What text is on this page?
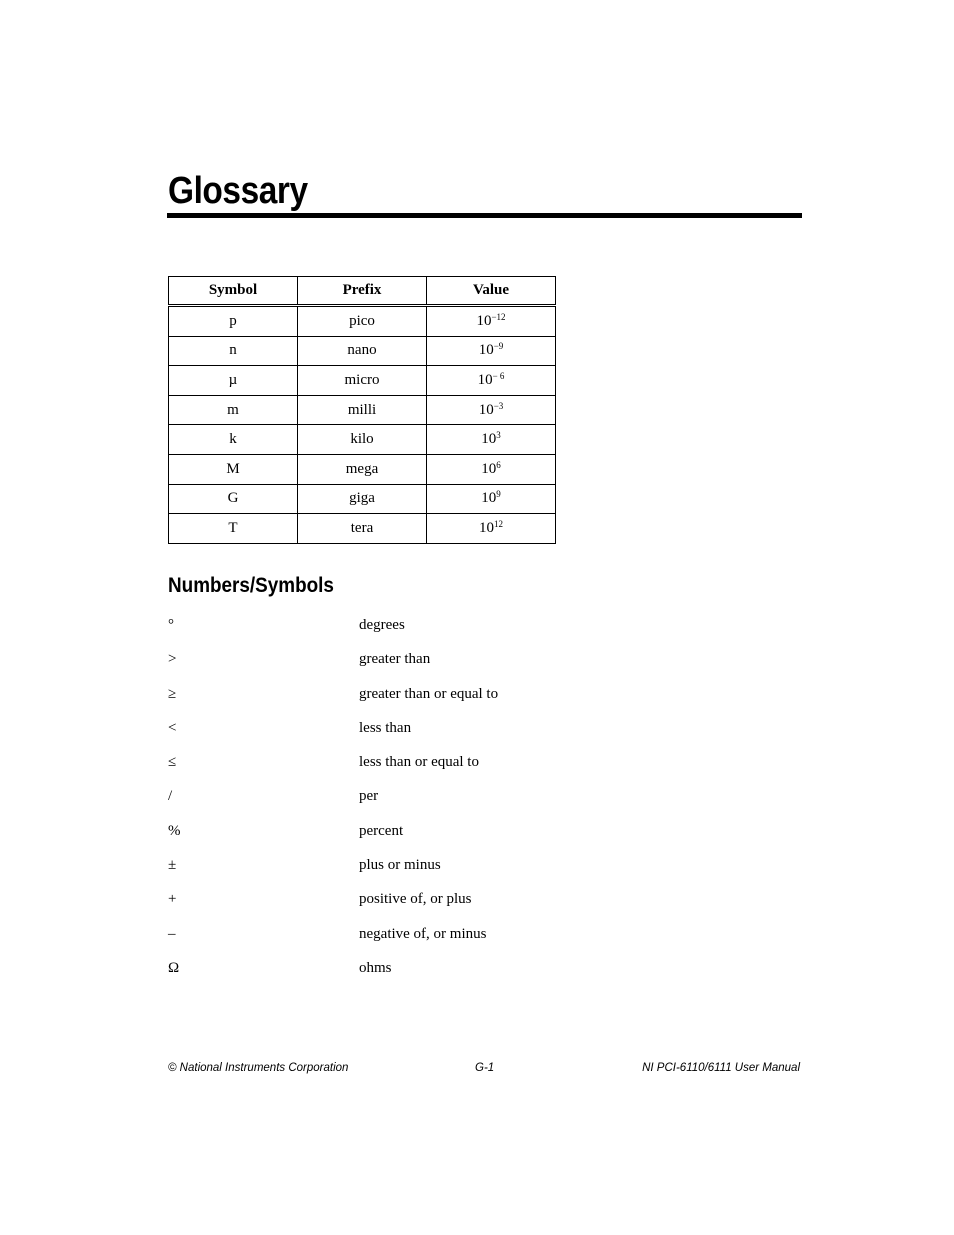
Glossary
Symbol	Prefix	Value
p	pico	$10^{-12}$
n	nano	$10^{-9}$
µ	micro	$10^{- 6}$
m	milli	$10^{-3}$
k	kilo	$10^3$
M	mega	$10^6$
G	giga	$10^9$
T	tera	$10^{12}$
Numbers/Symbols
°	degrees
>	greater than
≥	greater than or equal to
<	less than
≤	less than or equal to
/	per
%	percent
±	plus or minus
+	positive of, or plus
–	negative of, or minus
Ω	ohms
© National Instruments Corporation	G-1	NI PCI-6110/6111 User Manual
